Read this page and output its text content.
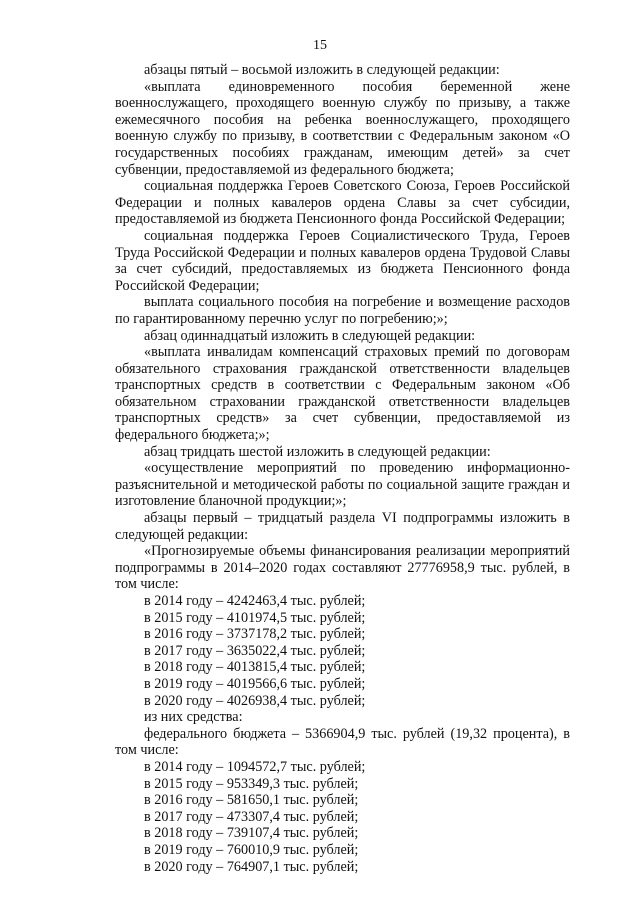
15

абзацы пятый – восьмой изложить в следующей редакции:

«выплата единовременного пособия беременной жене военнослужащего, проходящего военную службу по призыву, а также ежемесячного пособия на ребенка военнослужащего, проходящего военную службу по призыву, в соответствии с Федеральным законом «О государственных пособиях гражданам, имеющим детей» за счет субвенции, предоставляемой из федерального бюджета;

социальная поддержка Героев Советского Союза, Героев Российской Федерации и полных кавалеров ордена Славы за счет субсидии, предоставляемой из бюджета Пенсионного фонда Российской Федерации;

социальная поддержка Героев Социалистического Труда, Героев Труда Российской Федерации и полных кавалеров ордена Трудовой Славы за счет субсидий, предоставляемых из бюджета Пенсионного фонда Российской Федерации;

выплата социального пособия на погребение и возмещение расходов по гарантированному перечню услуг по погребению;»;

абзац одиннадцатый изложить в следующей редакции:

«выплата инвалидам компенсаций страховых премий по договорам обязательного страхования гражданской ответственности владельцев транспортных средств в соответствии с Федеральным законом «Об обязательном страховании гражданской ответственности владельцев транспортных средств» за счет субвенции, предоставляемой из федерального бюджета;»;

абзац тридцать шестой изложить в следующей редакции:

«осуществление мероприятий по проведению информационно-разъяснительной и методической работы по социальной защите граждан и изготовление бланочной продукции;»;

абзацы первый – тридцатый раздела VI подпрограммы изложить в следующей редакции:

«Прогнозируемые объемы финансирования реализации мероприятий подпрограммы в 2014–2020 годах составляют 27776958,9 тыс. рублей, в том числе:

в 2014 году – 4242463,4 тыс. рублей;

в 2015 году – 4101974,5 тыс. рублей;

в 2016 году – 3737178,2 тыс. рублей;

в 2017 году – 3635022,4 тыс. рублей;

в 2018 году – 4013815,4 тыс. рублей;

в 2019 году – 4019566,6 тыс. рублей;

в 2020 году – 4026938,4 тыс. рублей;

из них средства:

федерального бюджета – 5366904,9 тыс. рублей (19,32 процента), в том числе:

в 2014 году – 1094572,7 тыс. рублей;

в 2015 году – 953349,3 тыс. рублей;

в 2016 году – 581650,1 тыс. рублей;

в 2017 году – 473307,4 тыс. рублей;

в 2018 году – 739107,4 тыс. рублей;

в 2019 году – 760010,9 тыс. рублей;

в 2020 году – 764907,1 тыс. рублей;
